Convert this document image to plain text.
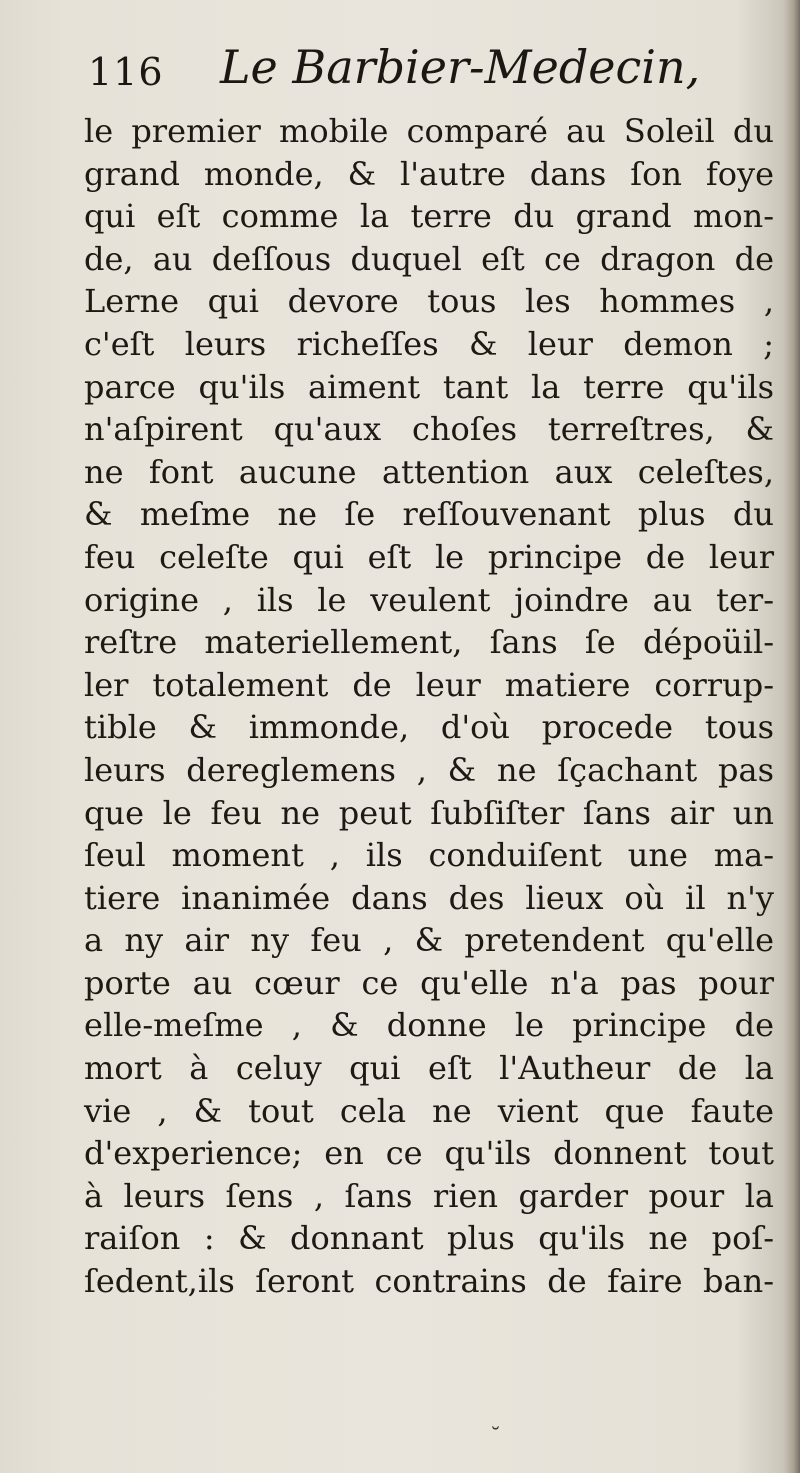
116 Le Barbier-Medecin,
le premier mobile comparé au Soleil du
grand monde, & l'autre dans ſon foye
qui eſt comme la terre du grand mon-
de, au deſſous duquel eſt ce dragon de
Lerne qui devore tous les hommes ,
c'eſt leurs richeſſes & leur demon ;
parce qu'ils aiment tant la terre qu'ils
n'aſpirent qu'aux choſes terreſtres, &
ne font aucune attention aux celeſtes,
& meſme ne ſe reſſouvenant plus du
feu celeſte qui eſt le principe de leur
origine , ils le veulent joindre au ter-
reſtre materiellement, ſans ſe dépoüil-
ler totalement de leur matiere corrup-
tible & immonde, d'où procede tous
leurs dereglemens , & ne ſçachant pas
que le feu ne peut ſubſiſter ſans air un
ſeul moment , ils conduiſent une ma-
tiere inanimée dans des lieux où il n'y
a ny air ny feu , & pretendent qu'elle
porte au cœur ce qu'elle n'a pas pour
elle-meſme , & donne le principe de
mort à celuy qui eſt l'Autheur de la
vie , & tout cela ne vient que faute
d'experience; en ce qu'ils donnent tout
à leurs ſens , ſans rien garder pour la
raiſon : & donnant plus qu'ils ne poſ-
ſedent,ils ſeront contrains de faire ban-
˘
